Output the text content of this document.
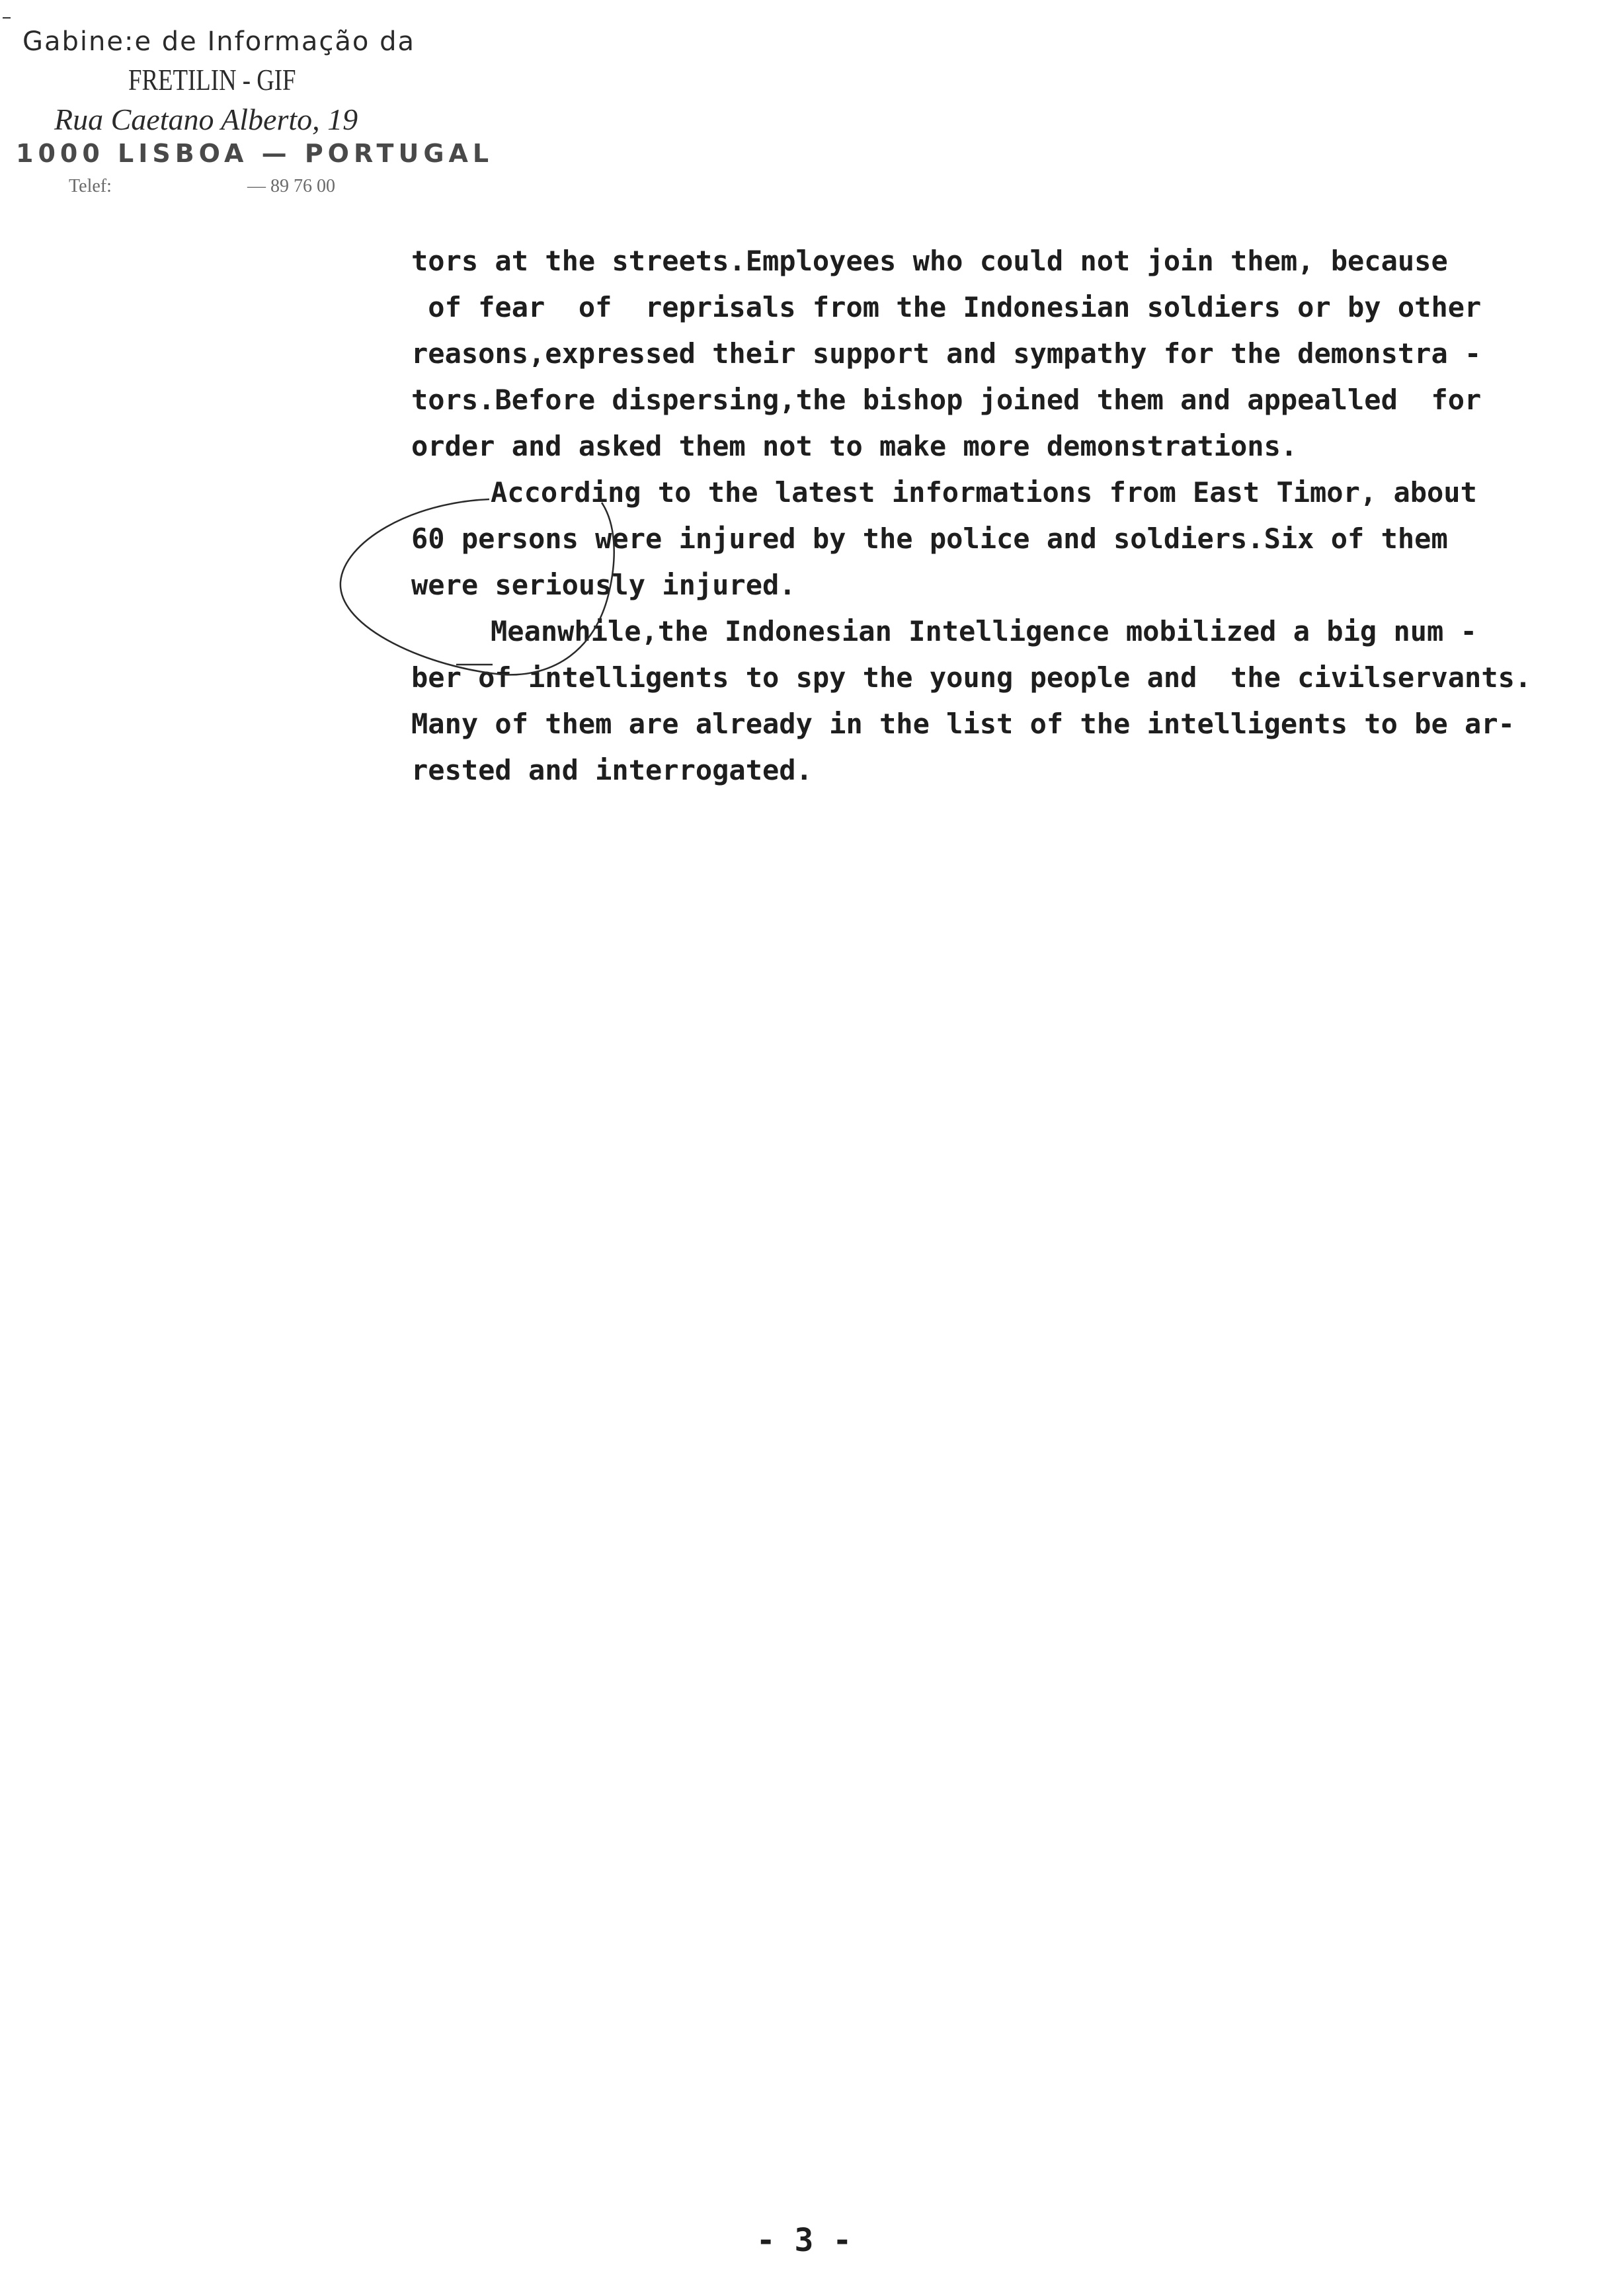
Gabine:e de Informação da
FRETILIN - GIF
Rua Caetano Alberto, 19
1000 LISBOA — PORTUGAL
Telef:	— 89 76 00

tors at the streets.Employees who could not join them, because

of fear  of  reprisals from the Indonesian soldiers or by other

reasons,expressed their support and sympathy for the demonstra -

tors.Before dispersing,the bishop joined them and appealled  for

order and asked them not to make more demonstrations.

According to the latest informations from East Timor, about

60 persons were injured by the police and soldiers.Six of them

were seriously injured.

Meanwhile,the Indonesian Intelligence mobilized a big num -

ber of intelligents to spy the young people and  the civilservants.

Many of them are already in the list of the intelligents to be ar-

rested and interrogated.

- 3 -
